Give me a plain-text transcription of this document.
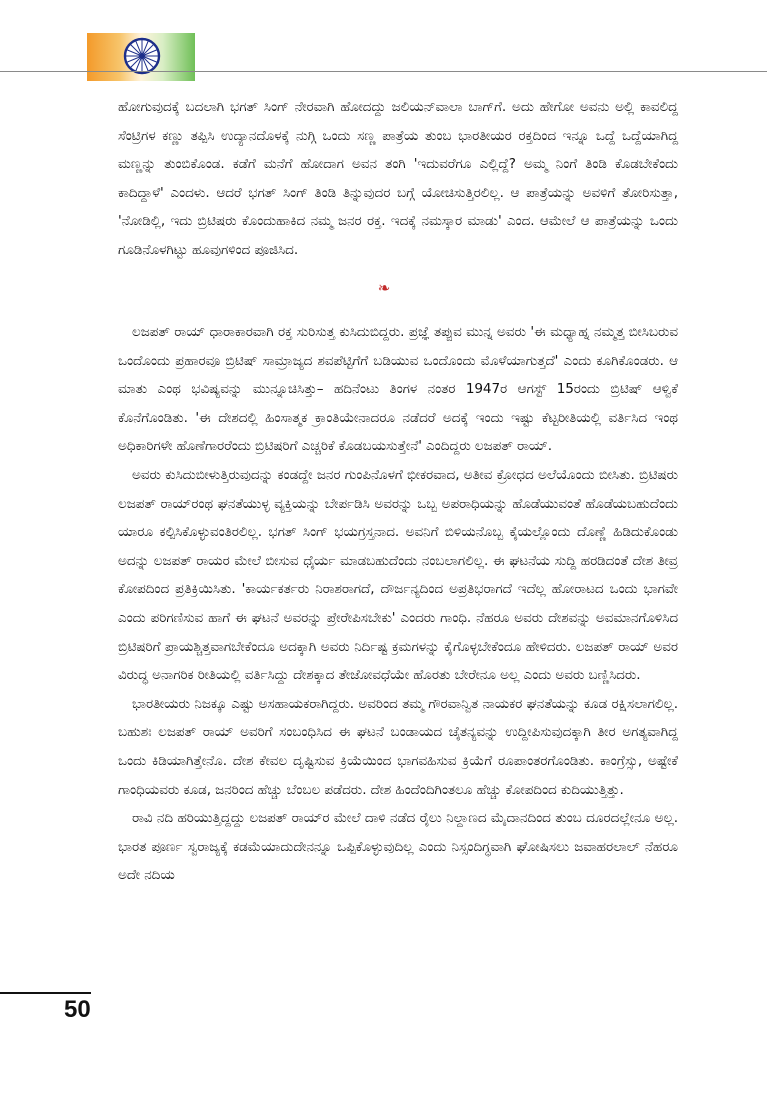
ಹೋಗುವುದಕ್ಕೆ ಬದಲಾಗಿ ಭಗತ್ ಸಿಂಗ್ ನೇರವಾಗಿ ಹೋದದ್ದು ಜಲಿಯನ್‌ವಾಲಾ ಬಾಗ್‌ಗೆ. ಅದು ಹೇಗೋ ಅವನು ಅಲ್ಲಿ ಕಾವಲಿದ್ದ ಸೆಂಟ್ರಿಗಳ ಕಣ್ಣು ತಪ್ಪಿಸಿ ಉದ್ಯಾನದೊಳಕ್ಕೆ ನುಗ್ಗಿ ಒಂದು ಸಣ್ಣ ಪಾತ್ರೆಯ ತುಂಬ ಭಾರತೀಯರ ರಕ್ತದಿಂದ ಇನ್ನೂ ಒದ್ದೆ ಒದ್ದೆಯಾಗಿದ್ದ ಮಣ್ಣನ್ನು ತುಂಬಿಕೊಂಡ. ಕಡೆಗೆ ಮನೆಗೆ ಹೋದಾಗ ಅವನ ತಂಗಿ 'ಇದುವರೆಗೂ ಎಲ್ಲಿದ್ದೆ? ಅಮ್ಮ ನಿಂಗೆ ತಿಂಡಿ ಕೊಡಬೇಕೆಂದು ಕಾದಿದ್ದಾಳೆ' ಎಂದಳು. ಆದರೆ ಭಗತ್ ಸಿಂಗ್ ತಿಂಡಿ ತಿನ್ನುವುದರ ಬಗ್ಗೆ ಯೋಚಿಸುತ್ತಿರಲಿಲ್ಲ. ಆ ಪಾತ್ರೆಯನ್ನು ಅವಳಿಗೆ ತೋರಿಸುತ್ತಾ, 'ನೋಡಿಲ್ಲಿ, ಇದು ಬ್ರಿಟಿಷರು ಕೊಂದುಹಾಕಿದ ನಮ್ಮ ಜನರ ರಕ್ತ. ಇದಕ್ಕೆ ನಮಸ್ಕಾರ ಮಾಡು' ಎಂದ. ಆಮೇಲೆ ಆ ಪಾತ್ರೆಯನ್ನು ಒಂದು ಗೂಡಿನೊಳಗಿಟ್ಟು ಹೂವುಗಳಿಂದ ಪೂಜಿಸಿದ.

❧

ಲಜಪತ್ ರಾಯ್ ಧಾರಾಕಾರವಾಗಿ ರಕ್ತ ಸುರಿಸುತ್ತ ಕುಸಿದುಬಿದ್ದರು. ಪ್ರಜ್ಞೆ ತಪ್ಪುವ ಮುನ್ನ ಅವರು 'ಈ ಮಧ್ಯಾಹ್ನ ನಮ್ಮತ್ತ ಬೀಸಿಬರುವ ಒಂದೊಂದು ಪ್ರಹಾರವೂ ಬ್ರಿಟಿಷ್ ಸಾಮ್ರಾಜ್ಯದ ಶವಪೆಟ್ಟಿಗೆಗೆ ಬಡಿಯುವ ಒಂದೊಂದು ಮೊಳೆಯಾಗುತ್ತದೆ' ಎಂದು ಕೂಗಿಕೊಂಡರು. ಆ ಮಾತು ಎಂಥ ಭವಿಷ್ಯವನ್ನು ಮುನ್ನೂಚಿಸಿತ್ತು– ಹದಿನೆಂಟು ತಿಂಗಳ ನಂತರ 1947ರ ಆಗಸ್ಟ್ 15ರಂದು ಬ್ರಿಟಿಷ್ ಆಳ್ವಿಕೆ ಕೊನೆಗೊಂಡಿತು. 'ಈ ದೇಶದಲ್ಲಿ ಹಿಂಸಾತ್ಮಕ ಕ್ರಾಂತಿಯೇನಾದರೂ ನಡೆದರೆ ಅದಕ್ಕೆ ಇಂದು ಇಷ್ಟು ಕೆಟ್ಟರೀತಿಯಲ್ಲಿ ವರ್ತಿಸಿದ ಇಂಥ ಅಧಿಕಾರಿಗಳೇ ಹೊಣೆಗಾರರೆಂದು ಬ್ರಿಟಿಷರಿಗೆ ಎಚ್ಚರಿಕೆ ಕೊಡಬಯಸುತ್ತೇನೆ' ಎಂದಿದ್ದರು ಲಜಪತ್ ರಾಯ್.

ಅವರು ಕುಸಿದುಬೀಳುತ್ತಿರುವುದನ್ನು ಕಂಡದ್ದೇ ಜನರ ಗುಂಪಿನೊಳಗೆ ಭೀಕರವಾದ, ಅತೀವ ಕ್ರೋಧದ ಅಲೆಯೊಂದು ಬೀಸಿತು. ಬ್ರಿಟಿಷರು ಲಜಪತ್ ರಾಯ್‌ರಂಥ ಘನತೆಯುಳ್ಳ ವ್ಯಕ್ತಿಯನ್ನು ಬೇರ್ಪಡಿಸಿ ಅವರನ್ನು ಒಬ್ಬ ಅಪರಾಧಿಯನ್ನು ಹೊಡೆಯುವಂತೆ ಹೊಡೆಯಬಹುದೆಂದು ಯಾರೂ ಕಲ್ಪಿಸಿಕೊಳ್ಳುವಂತಿರಲಿಲ್ಲ. ಭಗತ್ ಸಿಂಗ್ ಭಯಗ್ರಸ್ತನಾದ. ಅವನಿಗೆ ಬಿಳಿಯನೊಬ್ಬ ಕೈಯಲ್ಲೊಂದು ದೊಣ್ಣೆ ಹಿಡಿದುಕೊಂಡು ಅದನ್ನು ಲಜಪತ್ ರಾಯರ ಮೇಲೆ ಬೀಸುವ ಧೈರ್ಯ ಮಾಡಬಹುದೆಂದು ನಂಬಲಾಗಲಿಲ್ಲ. ಈ ಘಟನೆಯ ಸುದ್ದಿ ಹರಡಿದಂತೆ ದೇಶ ತೀವ್ರ ಕೋಪದಿಂದ ಪ್ರತಿಕ್ರಿಯಿಸಿತು. 'ಕಾರ್ಯಕರ್ತರು ನಿರಾಶರಾಗದೆ, ದೌರ್ಜನ್ಯದಿಂದ ಅಪ್ರತಿಭರಾಗದೆ ಇದೆಲ್ಲ ಹೋರಾಟದ ಒಂದು ಭಾಗವೇ ಎಂದು ಪರಿಗಣಿಸುವ ಹಾಗೆ ಈ ಘಟನೆ ಅವರನ್ನು ಪ್ರೇರೇಪಿಸಬೇಕು' ಎಂದರು ಗಾಂಧಿ. ನೆಹರೂ ಅವರು ದೇಶವನ್ನು ಅವಮಾನಗೊಳಿಸಿದ ಬ್ರಿಟಿಷರಿಗೆ ಪ್ರಾಯಶ್ಚಿತ್ತವಾಗಬೇಕೆಂದೂ ಅದಕ್ಕಾಗಿ ಅವರು ನಿರ್ದಿಷ್ಟ ಕ್ರಮಗಳನ್ನು ಕೈಗೊಳ್ಳಬೇಕೆಂದೂ ಹೇಳಿದರು. ಲಜಪತ್ ರಾಯ್ ಅವರ ವಿರುದ್ಧ ಅನಾಗರಿಕ ರೀತಿಯಲ್ಲಿ ವರ್ತಿಸಿದ್ದು ದೇಶಕ್ಕಾದ ತೇಜೋವಧೆಯೇ ಹೊರತು ಬೇರೇನೂ ಅಲ್ಲ ಎಂದು ಅವರು ಬಣ್ಣಿಸಿದರು.

ಭಾರತೀಯರು ನಿಜಕ್ಕೂ ಎಷ್ಟು ಅಸಹಾಯಕರಾಗಿದ್ದರು. ಅವರಿಂದ ತಮ್ಮ ಗೌರವಾನ್ವಿತ ನಾಯಕರ ಘನತೆಯನ್ನು ಕೂಡ ರಕ್ಷಿಸಲಾಗಲಿಲ್ಲ. ಬಹುಶಃ ಲಜಪತ್ ರಾಯ್ ಅವರಿಗೆ ಸಂಬಂಧಿಸಿದ ಈ ಘಟನೆ ಬಂಡಾಯದ ಚೈತನ್ಯವನ್ನು ಉದ್ದೀಪಿಸುವುದಕ್ಕಾಗಿ ತೀರ ಅಗತ್ಯವಾಗಿದ್ದ ಒಂದು ಕಿಡಿಯಾಗಿತ್ತೇನೊ. ದೇಶ ಕೇವಲ ದೃಷ್ಟಿಸುವ ಕ್ರಿಯೆಯಿಂದ ಭಾಗವಹಿಸುವ ಕ್ರಿಯೆಗೆ ರೂಪಾಂತರಗೊಂಡಿತು. ಕಾಂಗ್ರೆಸ್ಸು, ಅಷ್ಟೇಕೆ ಗಾಂಧಿಯವರು ಕೂಡ, ಜನರಿಂದ ಹೆಚ್ಚು ಬೆಂಬಲ ಪಡೆದರು. ದೇಶ ಹಿಂದೆಂದಿಗಿಂತಲೂ ಹೆಚ್ಚು ಕೋಪದಿಂದ ಕುದಿಯುತ್ತಿತ್ತು.

ರಾವಿ ನದಿ ಹರಿಯುತ್ತಿದ್ದದ್ದು ಲಜಪತ್ ರಾಯ್‌ರ ಮೇಲೆ ದಾಳಿ ನಡೆದ ರೈಲು ನಿಲ್ದಾಣದ ಮೈದಾನದಿಂದ ತುಂಬ ದೂರದಲ್ಲೇನೂ ಅಲ್ಲ. ಭಾರತ ಪೂರ್ಣ ಸ್ವರಾಜ್ಯಕ್ಕೆ ಕಡಮೆಯಾದುದೇನನ್ನೂ ಒಪ್ಪಿಕೊಳ್ಳುವುದಿಲ್ಲ ಎಂದು ನಿಸ್ಸಂದಿಗ್ಧವಾಗಿ ಘೋಷಿಸಲು ಜವಾಹರಲಾಲ್ ನೆಹರೂ ಅದೇ ನದಿಯ

50
